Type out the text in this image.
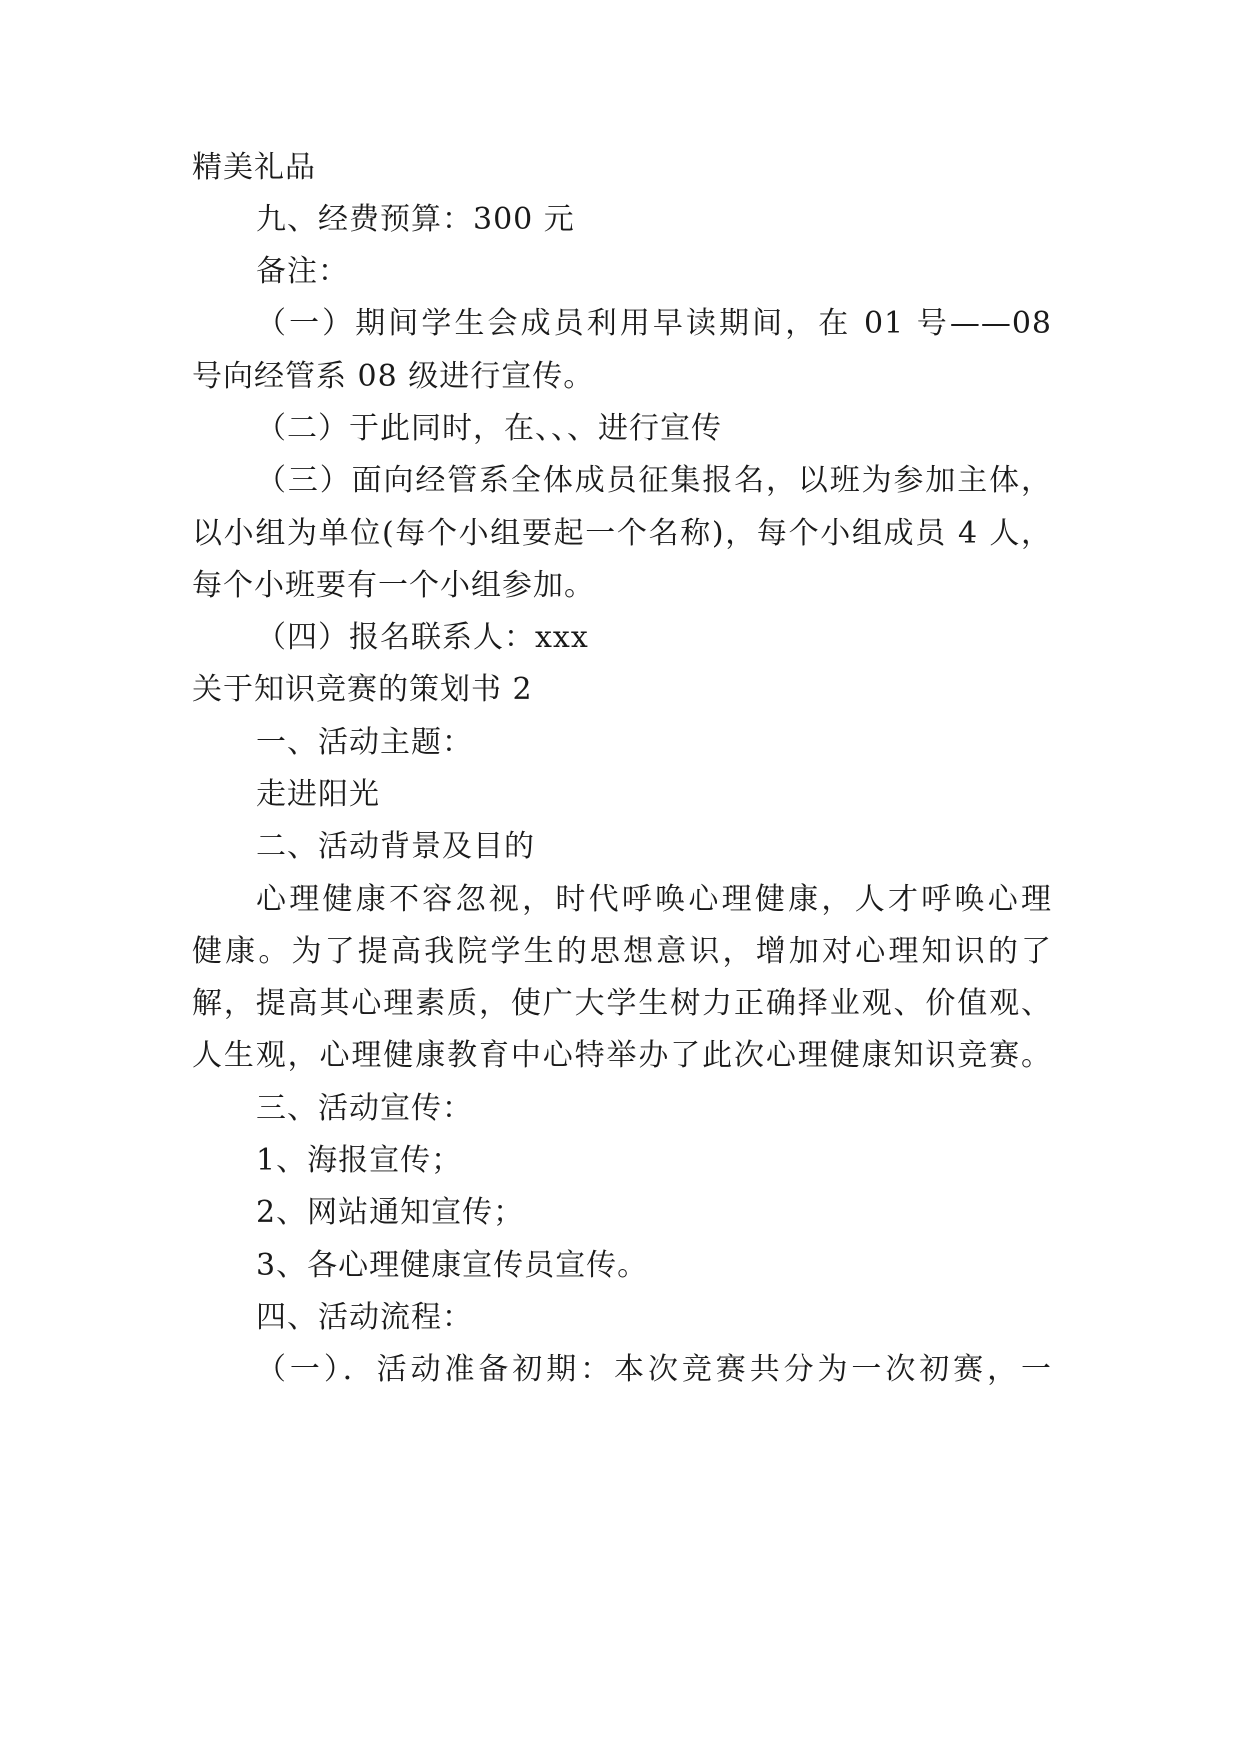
精美礼品
九、经费预算：300 元
备注：
（一）期间学生会成员利用早读期间，在 01 号——08
号向经管系 08 级进行宣传。
（二）于此同时，在、、、进行宣传
（三）面向经管系全体成员征集报名，以班为参加主体，
以小组为单位(每个小组要起一个名称)，每个小组成员 4 人，
每个小班要有一个小组参加。
（四）报名联系人：xxx
关于知识竞赛的策划书 2
一、活动主题：
走进阳光
二、活动背景及目的
心理健康不容忽视，时代呼唤心理健康，人才呼唤心理
健康。为了提高我院学生的思想意识，增加对心理知识的了
解，提高其心理素质，使广大学生树力正确择业观、价值观、
人生观，心理健康教育中心特举办了此次心理健康知识竞赛。
三、活动宣传：
1、海报宣传；
2、网站通知宣传；
3、各心理健康宣传员宣传。
四、活动流程：
（一）．活动准备初期：本次竞赛共分为一次初赛，一
